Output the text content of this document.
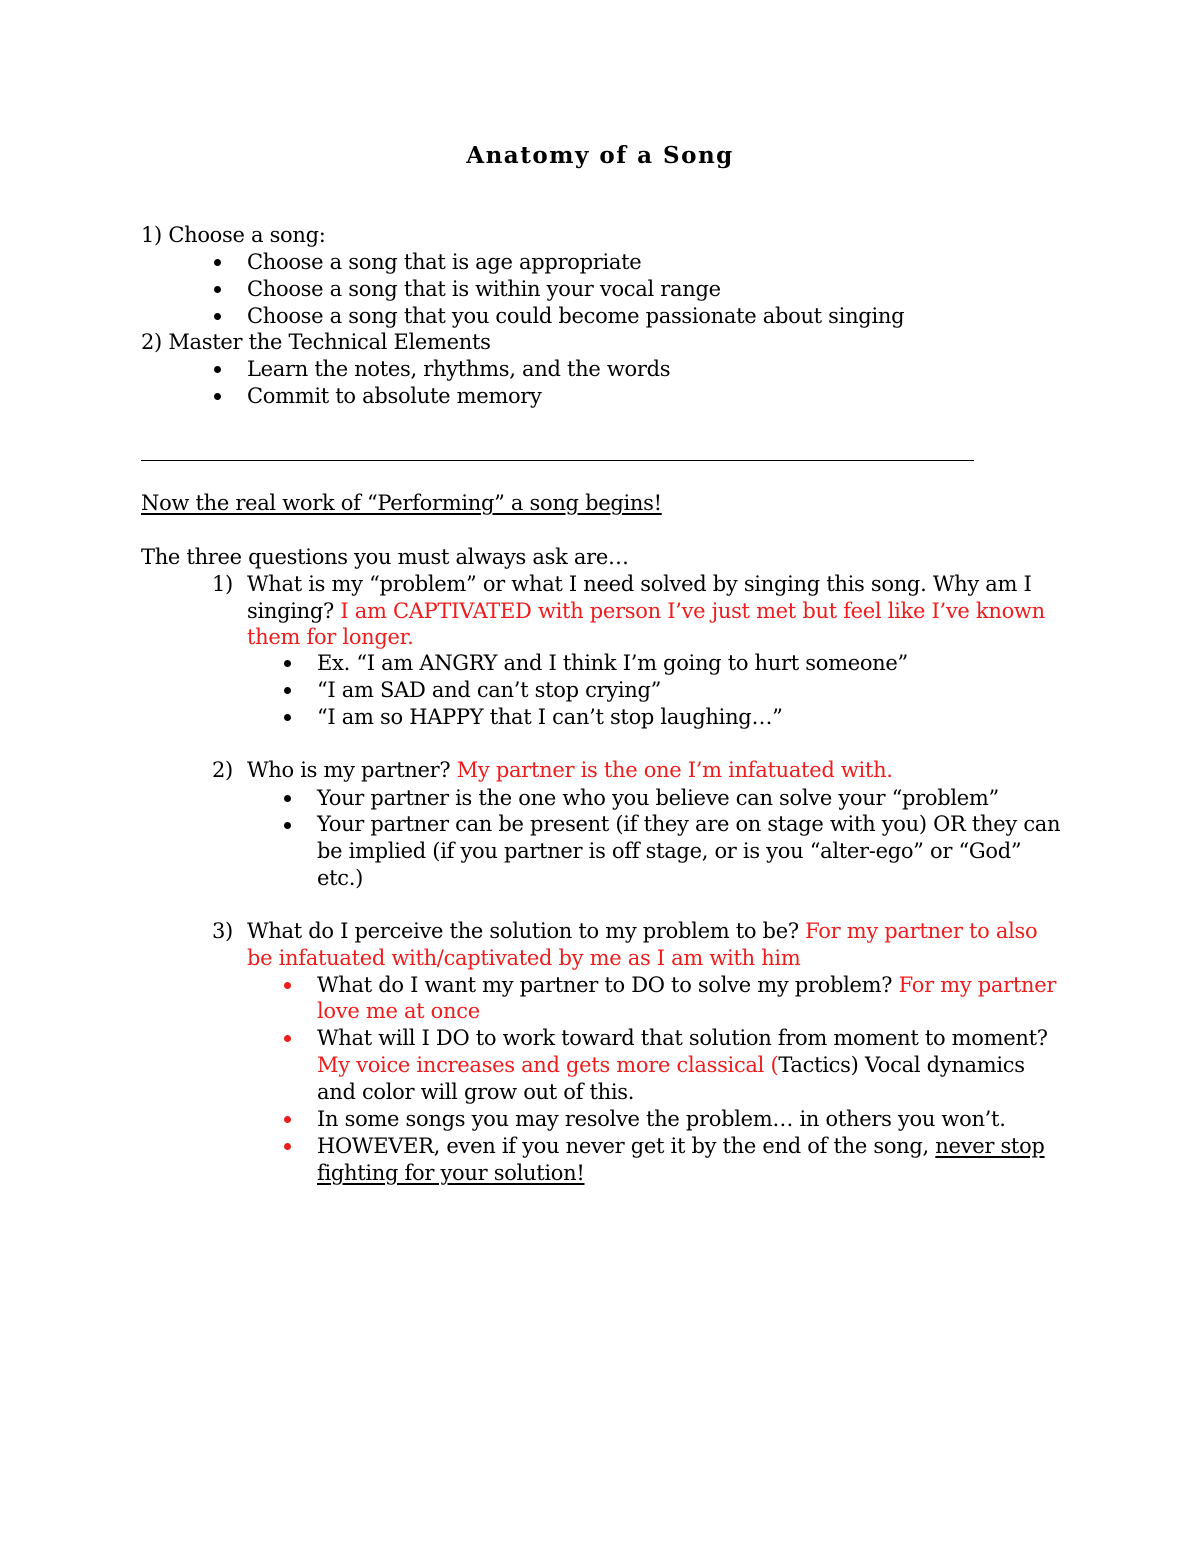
Anatomy of a Song
1) Choose a song:
Choose a song that is age appropriate
Choose a song that is within your vocal range
Choose a song that you could become passionate about singing
2) Master the Technical Elements
Learn the notes, rhythms, and the words
Commit to absolute memory
Now the real work of “Performing” a song begins!
The three questions you must always ask are…
1) What is my “problem” or what I need solved by singing this song. Why am I
singing? I am CAPTIVATED with person I’ve just met but feel like I’ve known
them for longer.
Ex. “I am ANGRY and I think I’m going to hurt someone”
“I am SAD and can’t stop crying”
“I am so HAPPY that I can’t stop laughing…”
2) Who is my partner? My partner is the one I’m infatuated with.
Your partner is the one who you believe can solve your “problem”
Your partner can be present (if they are on stage with you) OR they can
be implied (if you partner is off stage, or is you “alter-ego” or “God”
etc.)
3) What do I perceive the solution to my problem to be? For my partner to also
be infatuated with/captivated by me as I am with him
What do I want my partner to DO to solve my problem? For my partner
love me at once
What will I DO to work toward that solution from moment to moment?
My voice increases and gets more classical (Tactics) Vocal dynamics
and color will grow out of this.
In some songs you may resolve the problem… in others you won’t.
HOWEVER, even if you never get it by the end of the song, never stop
fighting for your solution!
